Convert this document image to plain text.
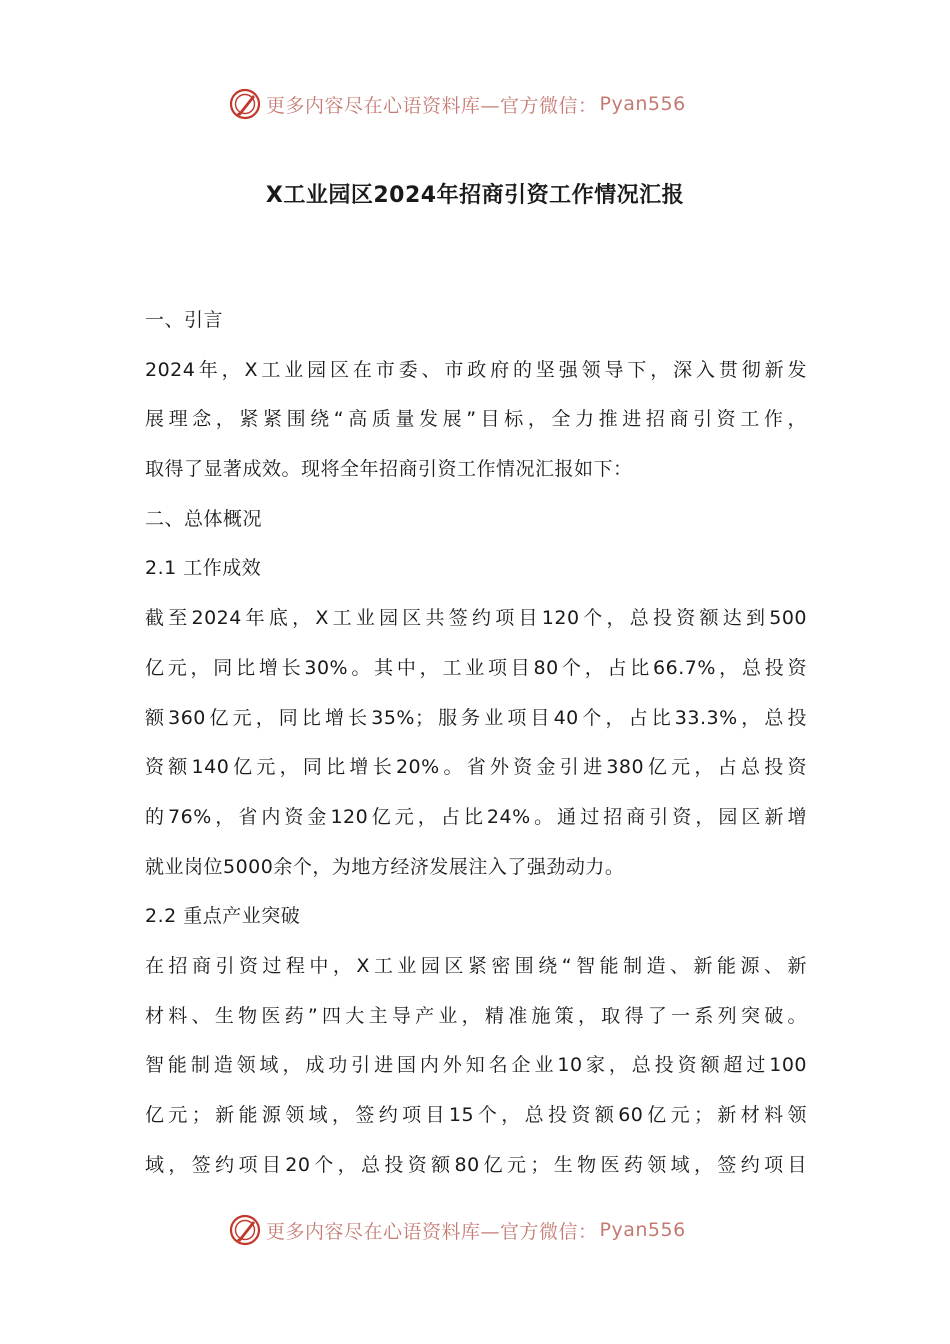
更多内容尽在心语资料库—官方微信： Pyan556
X工业园区2024年招商引资工作情况汇报
一、引言
2024年，X工业园区在市委、市政府的坚强领导下，深入贯彻新发
展理念，紧紧围绕“高质量发展”目标，全力推进招商引资工作，
取得了显著成效。现将全年招商引资工作情况汇报如下：
二、总体概况
2.1 工作成效
截至2024年底，X工业园区共签约项目120个，总投资额达到500
亿元，同比增长30%。其中，工业项目80个，占比66.7%，总投资
额360亿元，同比增长35%；服务业项目40个，占比33.3%，总投
资额140亿元，同比增长20%。省外资金引进380亿元，占总投资
的76%，省内资金120亿元，占比24%。通过招商引资，园区新增
就业岗位5000余个，为地方经济发展注入了强劲动力。
2.2 重点产业突破
在招商引资过程中，X工业园区紧密围绕“智能制造、新能源、新
材料、生物医药”四大主导产业，精准施策，取得了一系列突破。
智能制造领域，成功引进国内外知名企业10家，总投资额超过100
亿元；新能源领域，签约项目15个，总投资额60亿元；新材料领
域，签约项目20个，总投资额80亿元；生物医药领域，签约项目
更多内容尽在心语资料库—官方微信： Pyan556
